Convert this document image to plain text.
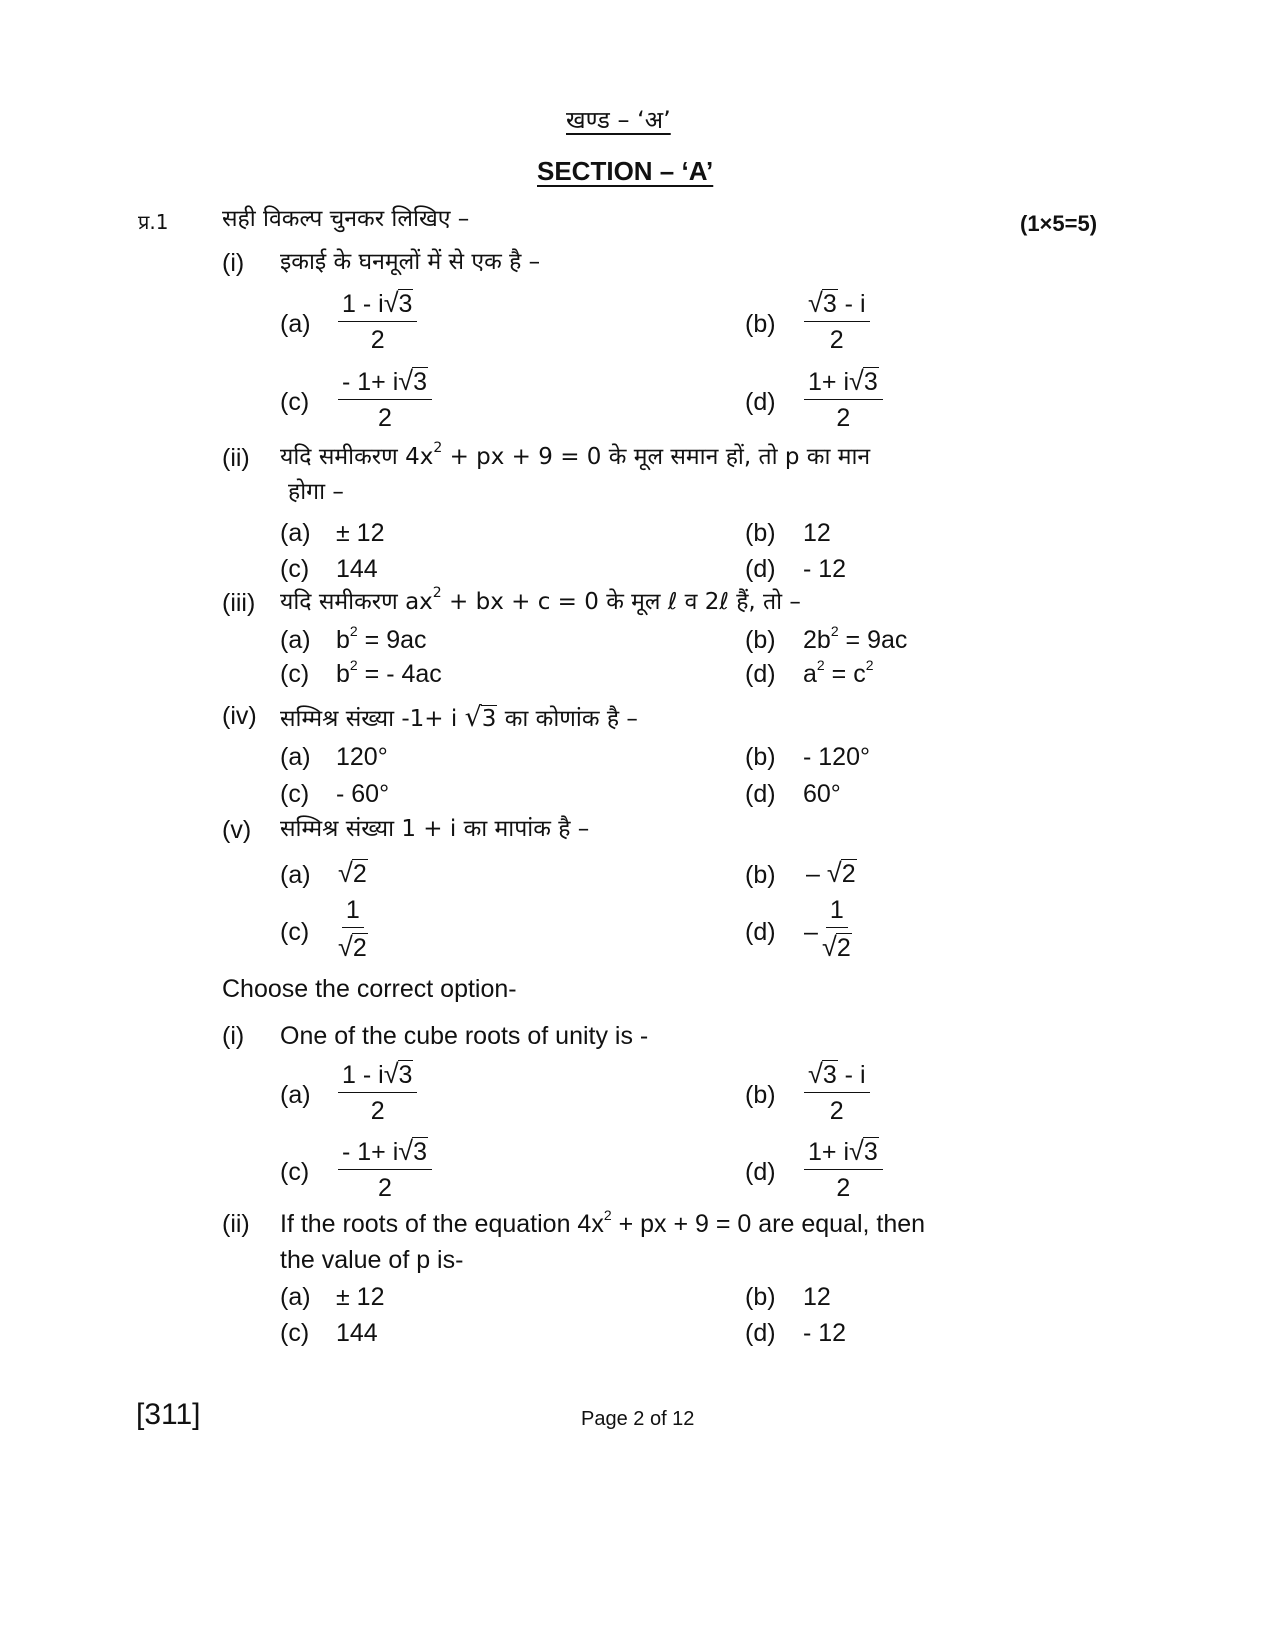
खण्ड – ‘अ’
SECTION – ‘A’
प्र.1 सही विकल्प चुनकर लिखिए –	(1×5=5)
(i) इकाई के घनमूलों में से एक है –
$(a) \frac{1 - i√3}{2}$	$(b) \frac{√3 - i}{2}$
$(c) \frac{- 1+ i√3}{2}$	$(d) \frac{1+ i√3}{2}$
(ii) यदि समीकरण $4x^2$ + px + 9 = 0 के मूल समान हों, तो p का मान
होगा –
(a) ± 12	(b) 12
(c) 144	(d) - 12
(iii) यदि समीकरण $ax^2$ + bx + c = 0 के मूल ℓ व 2ℓ हैं, तो –
(a) $b^2 = 9ac$	(b) $2b^2 = 9ac$
(c) $b^2$ = - 4ac	(d) $a^2 = c^2$
(iv) सम्मिश्र संख्या -1+ i √3 का कोणांक है –
(a) 120°	(b) - 120°
(c) - 60°	(d) 60°
(v) सम्मिश्र संख्या 1 + i का मापांक है –
(a) √2	(b) – √2
$(c) \frac{1}{√2}$	$(d) - \frac{1}{√2}$
Choose the correct option-
(i) One of the cube roots of unity is -
$(a) \frac{1 - i√3}{2}$	$(b) \frac{√3 - i}{2}$
$(c) \frac{- 1+ i√3}{2}$	$(d) \frac{1+ i√3}{2}$
(ii) If the roots of the equation $4x^2$ + px + 9 = 0 are equal, then
the value of p is-
(a) ± 12	(b) 12
(c) 144	(d) - 12
[311]	Page 2 of 12
